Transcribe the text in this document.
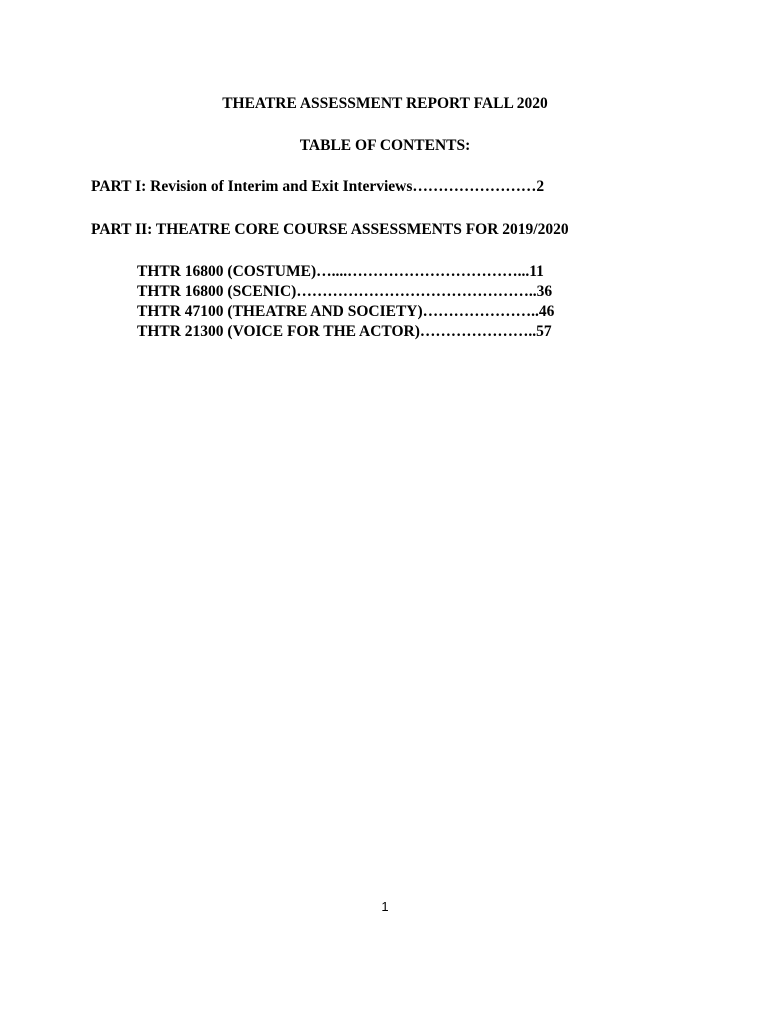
THEATRE ASSESSMENT REPORT FALL 2020
TABLE OF CONTENTS:
PART I: Revision of Interim and Exit Interviews……………………2
PART II: THEATRE CORE COURSE ASSESSMENTS FOR 2019/2020
THTR 16800 (COSTUME)…....……………………………...11
THTR 16800 (SCENIC)………………………………………..36
THTR 47100 (THEATRE AND SOCIETY)…………………..46
THTR 21300 (VOICE FOR THE ACTOR)…………………..57
1
